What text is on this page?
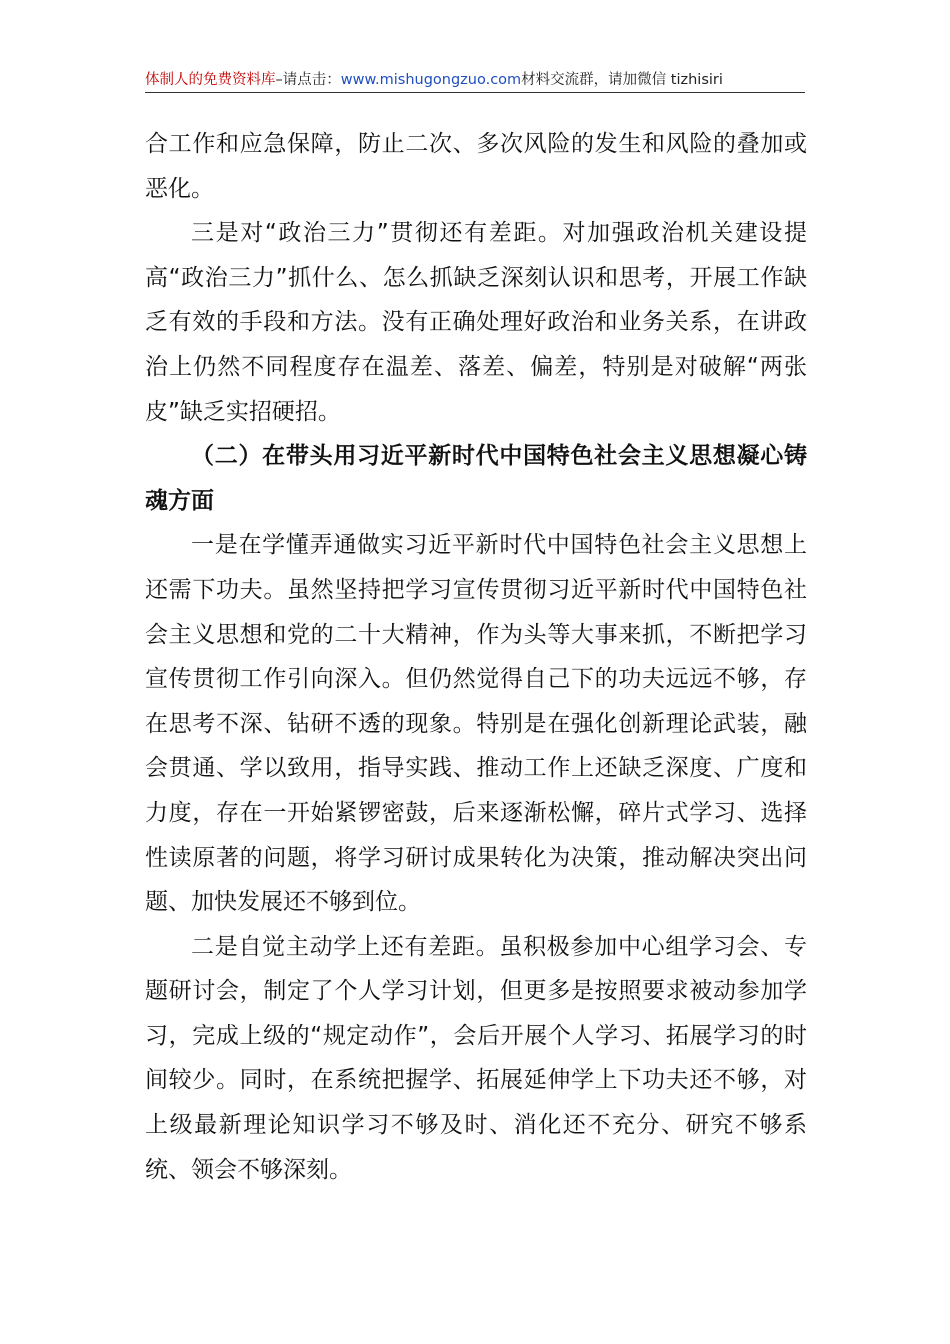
体制人的免费资料库–请点击：www.mishugongzuo.com材料交流群，请加微信 tizhisiri

合工作和应急保障，防止二次、多次风险的发生和风险的叠加或恶化。

三是对“政治三力”贯彻还有差距。对加强政治机关建设提高“政治三力”抓什么、怎么抓缺乏深刻认识和思考，开展工作缺乏有效的手段和方法。没有正确处理好政治和业务关系，在讲政治上仍然不同程度存在温差、落差、偏差，特别是对破解“两张皮”缺乏实招硬招。

（二）在带头用习近平新时代中国特色社会主义思想凝心铸魂方面

一是在学懂弄通做实习近平新时代中国特色社会主义思想上还需下功夫。虽然坚持把学习宣传贯彻习近平新时代中国特色社会主义思想和党的二十大精神，作为头等大事来抓，不断把学习宣传贯彻工作引向深入。但仍然觉得自己下的功夫远远不够，存在思考不深、钻研不透的现象。特别是在强化创新理论武装，融会贯通、学以致用，指导实践、推动工作上还缺乏深度、广度和力度，存在一开始紧锣密鼓，后来逐渐松懈，碎片式学习、选择性读原著的问题，将学习研讨成果转化为决策，推动解决突出问题、加快发展还不够到位。

二是自觉主动学上还有差距。虽积极参加中心组学习会、专题研讨会，制定了个人学习计划，但更多是按照要求被动参加学习，完成上级的“规定动作”，会后开展个人学习、拓展学习的时间较少。同时，在系统把握学、拓展延伸学上下功夫还不够，对上级最新理论知识学习不够及时、消化还不充分、研究不够系统、领会不够深刻。
